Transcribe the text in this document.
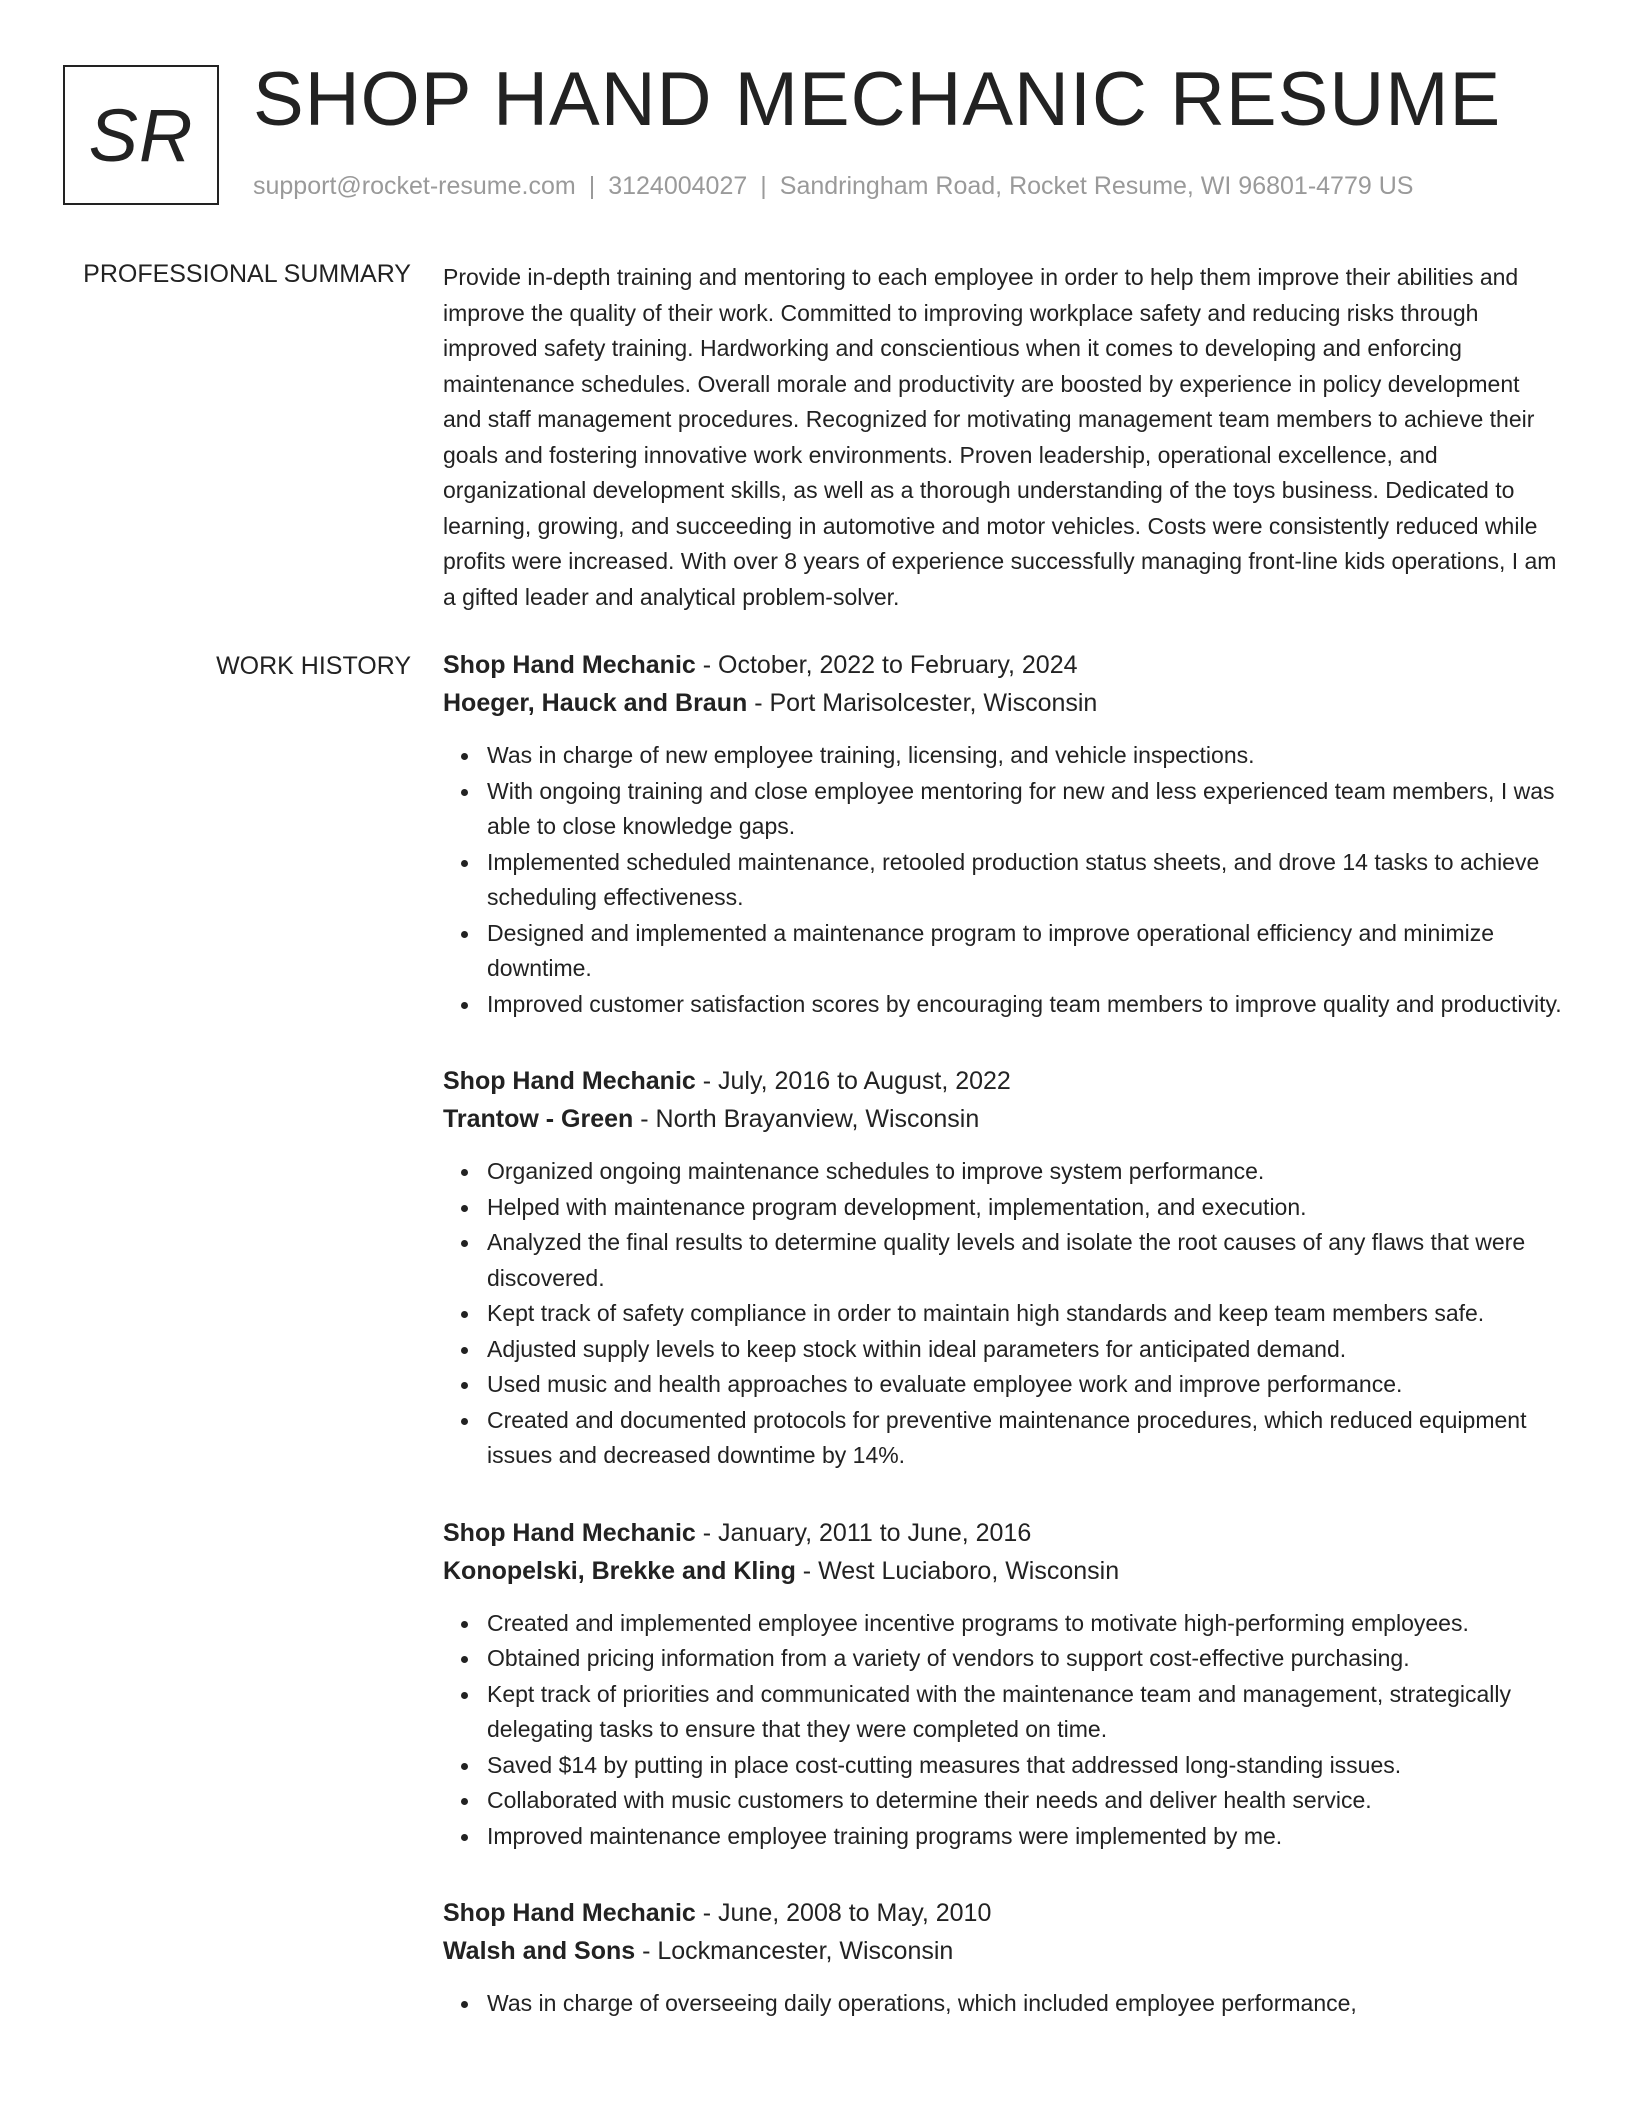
SR SHOP HAND MECHANIC RESUME
support@rocket-resume.com | 3124004027 | Sandringham Road, Rocket Resume, WI 96801-4779 US
PROFESSIONAL SUMMARY Provide in-depth training and mentoring to each employee in order to help them improve their abilities and improve the quality of their work. Committed to improving workplace safety and reducing risks through improved safety training. Hardworking and conscientious when it comes to developing and enforcing maintenance schedules. Overall morale and productivity are boosted by experience in policy development and staff management procedures. Recognized for motivating management team members to achieve their goals and fostering innovative work environments. Proven leadership, operational excellence, and organizational development skills, as well as a thorough understanding of the toys business. Dedicated to learning, growing, and succeeding in automotive and motor vehicles. Costs were consistently reduced while profits were increased. With over 8 years of experience successfully managing front-line kids operations, I am a gifted leader and analytical problem-solver.

WORK HISTORY Shop Hand Mechanic - October, 2022 to February, 2024
Hoeger, Hauck and Braun - Port Marisolcester, Wisconsin
Was in charge of new employee training, licensing, and vehicle inspections.
With ongoing training and close employee mentoring for new and less experienced team members, I was able to close knowledge gaps.
Implemented scheduled maintenance, retooled production status sheets, and drove 14 tasks to achieve scheduling effectiveness.
Designed and implemented a maintenance program to improve operational efficiency and minimize downtime.
Improved customer satisfaction scores by encouraging team members to improve quality and productivity.
Shop Hand Mechanic - July, 2016 to August, 2022
Trantow - Green - North Brayanview, Wisconsin
Organized ongoing maintenance schedules to improve system performance.
Helped with maintenance program development, implementation, and execution.
Analyzed the final results to determine quality levels and isolate the root causes of any flaws that were discovered.
Kept track of safety compliance in order to maintain high standards and keep team members safe.
Adjusted supply levels to keep stock within ideal parameters for anticipated demand.
Used music and health approaches to evaluate employee work and improve performance.
Created and documented protocols for preventive maintenance procedures, which reduced equipment issues and decreased downtime by 14%.
Shop Hand Mechanic - January, 2011 to June, 2016
Konopelski, Brekke and Kling - West Luciaboro, Wisconsin
Created and implemented employee incentive programs to motivate high-performing employees.
Obtained pricing information from a variety of vendors to support cost-effective purchasing.
Kept track of priorities and communicated with the maintenance team and management, strategically delegating tasks to ensure that they were completed on time.
Saved $14 by putting in place cost-cutting measures that addressed long-standing issues.
Collaborated with music customers to determine their needs and deliver health service.
Improved maintenance employee training programs were implemented by me.
Shop Hand Mechanic - June, 2008 to May, 2010
Walsh and Sons - Lockmancester, Wisconsin
Was in charge of overseeing daily operations, which included employee performance,
